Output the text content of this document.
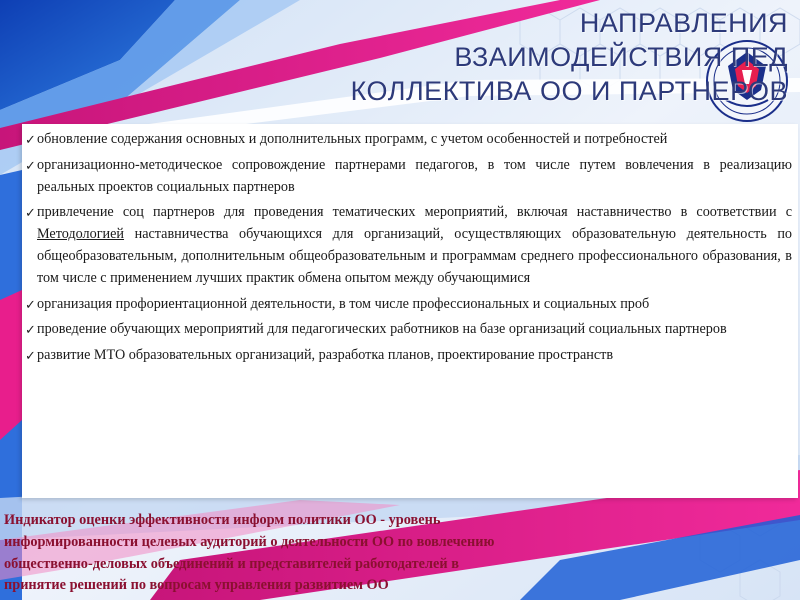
НАПРАВЛЕНИЯ
ВЗАИМОДЕЙСТВИЯ ПЕД
КОЛЛЕКТИВА ОО И ПАРТНЕРОВ
✓ обновление содержания основных и дополнительных программ, с учетом особенностей и потребностей
✓ организационно-методическое сопровождение партнерами педагогов, в том числе путем вовлечения в реализацию реальных проектов социальных партнеров
✓ привлечение соц партнеров для проведения тематических мероприятий, включая наставничество в соответствии с Методологией наставничества обучающихся для организаций, осуществляющих образовательную деятельность по общеобразовательным, дополнительным общеобразовательным и программам среднего профессионального образования, в том числе с применением лучших практик обмена опытом между обучающимися
✓ организация профориентационной деятельности, в том числе профессиональных и социальных проб
✓ проведение обучающих мероприятий для педагогических работников на базе организаций социальных партнеров
✓ развитие МТО образовательных организаций, разработка планов, проектирование пространств
Индикатор оценки эффективности информ политики ОО - уровень
информированности целевых аудиторий о деятельности ОО по вовлечению
общественно-деловых объединений и представителей работодателей в
принятие решений по вопросам управления развитием ОО
